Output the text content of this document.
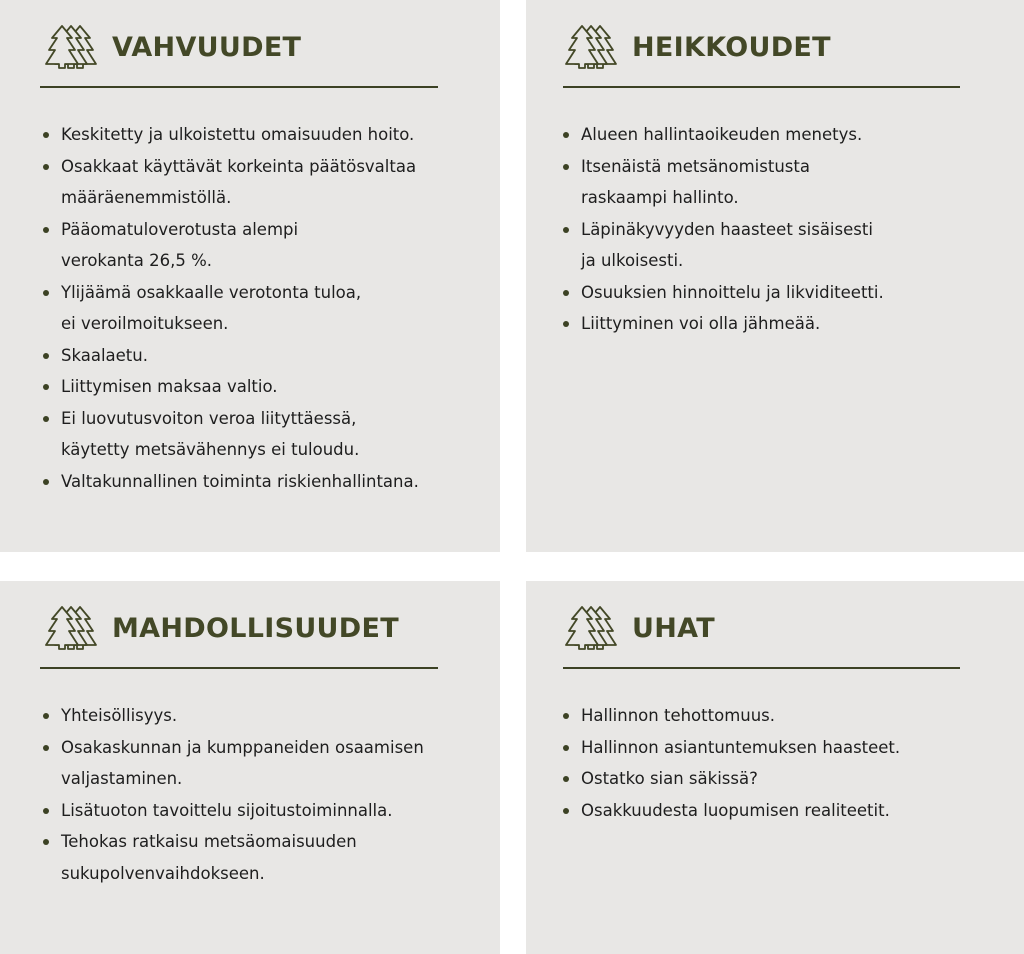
VAHVUUDET
Keskitetty ja ulkoistettu omaisuuden hoito.
Osakkaat käyttävät korkeinta päätösvaltaa
määräenemmistöllä.
Pääomatuloverotusta alempi
verokanta 26,5 %.
Ylijäämä osakkaalle verotonta tuloa,
ei veroilmoitukseen.
Skaalaetu.
Liittymisen maksaa valtio.
Ei luovutusvoiton veroa liityttäessä,
käytetty metsävähennys ei tuloudu.
Valtakunnallinen toiminta riskienhallintana.
HEIKKOUDET
Alueen hallintaoikeuden menetys.
Itsenäistä metsänomistusta
raskaampi hallinto.
Läpinäkyvyyden haasteet sisäisesti
ja ulkoisesti.
Osuuksien hinnoittelu ja likviditeetti.
Liittyminen voi olla jähmeää.
MAHDOLLISUUDET
Yhteisöllisyys.
Osakaskunnan ja kumppaneiden osaamisen
valjastaminen.
Lisätuoton tavoittelu sijoitustoiminnalla.
Tehokas ratkaisu metsäomaisuuden
sukupolvenvaihdokseen.
UHAT
Hallinnon tehottomuus.
Hallinnon asiantuntemuksen haasteet.
Ostatko sian säkissä?
Osakkuudesta luopumisen realiteetit.
